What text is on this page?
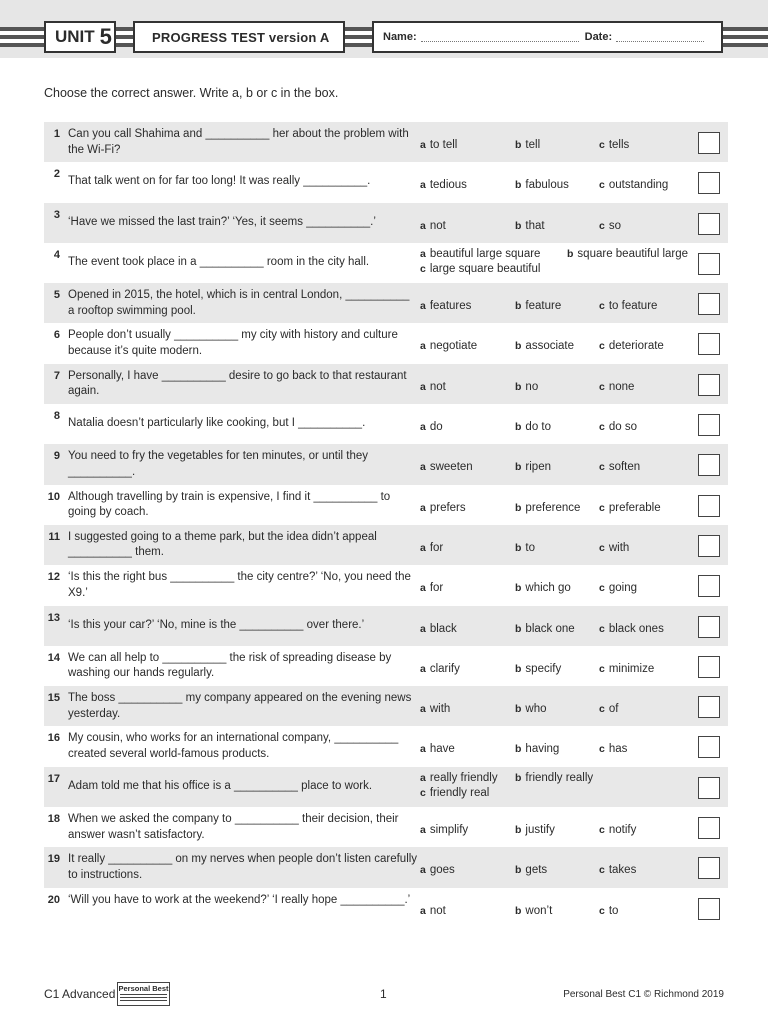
UNIT 5	PROGRESS TEST version A	Name:	Date:
Choose the correct answer. Write a, b or c in the box.
1 Can you call Shahima and __________ her about the problem with the Wi-Fi?	a to tell	b tell	c tells
2
That talk went on for far too long! It was really __________.	a tedious	b fabulous	c outstanding
3
‘Have we missed the last train?’ ‘Yes, it seems __________.’	a not	b that	c so
4
The event took place in a __________ room in the city hall.
a beautiful large square	b square beautiful large
c large square beautiful
5 Opened in 2015, the hotel, which is in central London, __________ a rooftop swimming pool.	a features	b feature	c to feature
6 People don’t usually __________ my city with history and culture because it’s quite modern.	a negotiate	b associate c deteriorate
7 Personally, I have __________ desire to go back to that restaurant again.	a not	b no	c none
8
Natalia doesn’t particularly like cooking, but I __________.	a do	b do to	c do so
9 You need to fry the vegetables for ten minutes, or until they __________.	a sweeten	b ripen	c soften
10 Although travelling by train is expensive, I find it __________ to going by coach.	a prefers	b preference c preferable
11 I suggested going to a theme park, but the idea didn’t appeal __________ them.	a for	b to	c with
12 ‘Is this the right bus __________ the city centre?’ ‘No, you need the X9.’	a for	b which go	c going
13
‘Is this your car?’ ‘No, mine is the __________ over there.’	a black	b black one c black ones
14 We can all help to __________ the risk of spreading disease by washing our hands regularly.	a clarify	b specify	c minimize
15 The boss __________ my company appeared on the evening news yesterday.	a with	b who	c of
16 My cousin, who works for an international company, __________ created several world-famous products.	a have	b having	c has
17
Adam told me that his office is a __________ place to work.
a really friendly b friendly really
c friendly real
18 When we asked the company to __________ their decision, their answer wasn’t satisfactory.	a simplify	b justify	c notify
19 It really __________ on my nerves when people don’t listen carefully to instructions.	a goes	b gets	c takes
20 ‘Will you have to work at the weekend?’ ‘I really hope __________.’
a not	b won’t	c to
C1 Advanced Personal Best	1	Personal Best C1 © Richmond 2019
